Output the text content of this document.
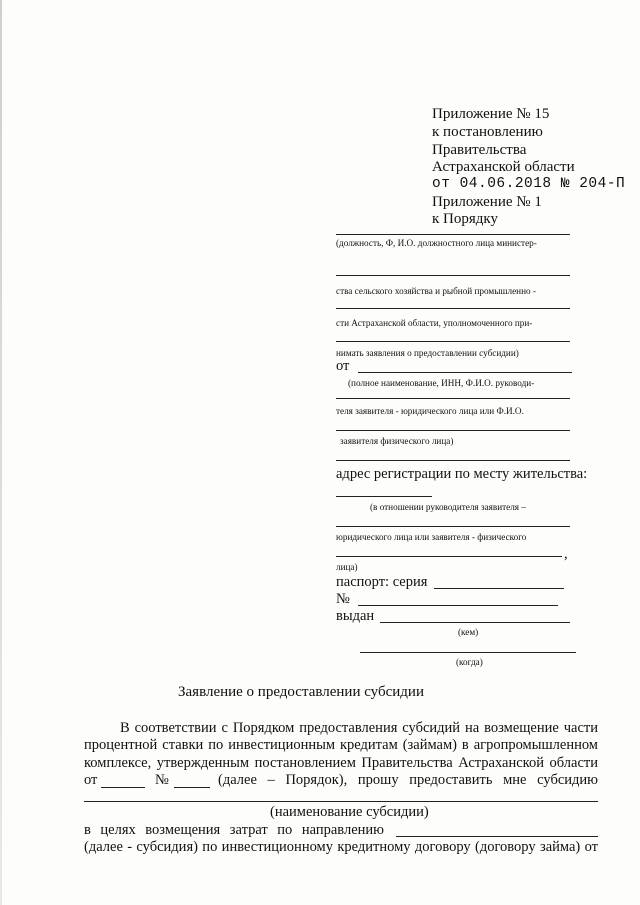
Приложение № 15
к постановлению
Правительства
Астраханской области
от 04.06.2018 № 204-П
Приложение № 1
к Порядку
(должность, Ф, И.О. должностного лица министер-
ства сельского хозяйства и рыбной промышленно -
сти Астраханской области, уполномоченного при-
нимать заявления о предоставлении субсидии)
от
(полное наименование, ИНН, Ф.И.О. руководи-
теля заявителя - юридического лица или Ф.И.О.
заявителя физического лица)
адрес регистрации по месту жительства:
(в отношении руководителя заявителя –
юридического лица или заявителя - физического
,
лица)
паспорт: серия
№
выдан
(кем)
(когда)
Заявление о предоставлении субсидии
В соответствии с Порядком предоставления субсидий на возмещение части
процентной ставки по инвестиционным кредитам (займам) в агропромышленном
комплексе, утвержденным постановлением Правительства Астраханской области
от	№	(далее – Порядок), прошу предоставить мне субсидию
(наименование субсидии)
в целях возмещения затрат по направлению
(далее - субсидия) по инвестиционному кредитному договору (договору займа) от
